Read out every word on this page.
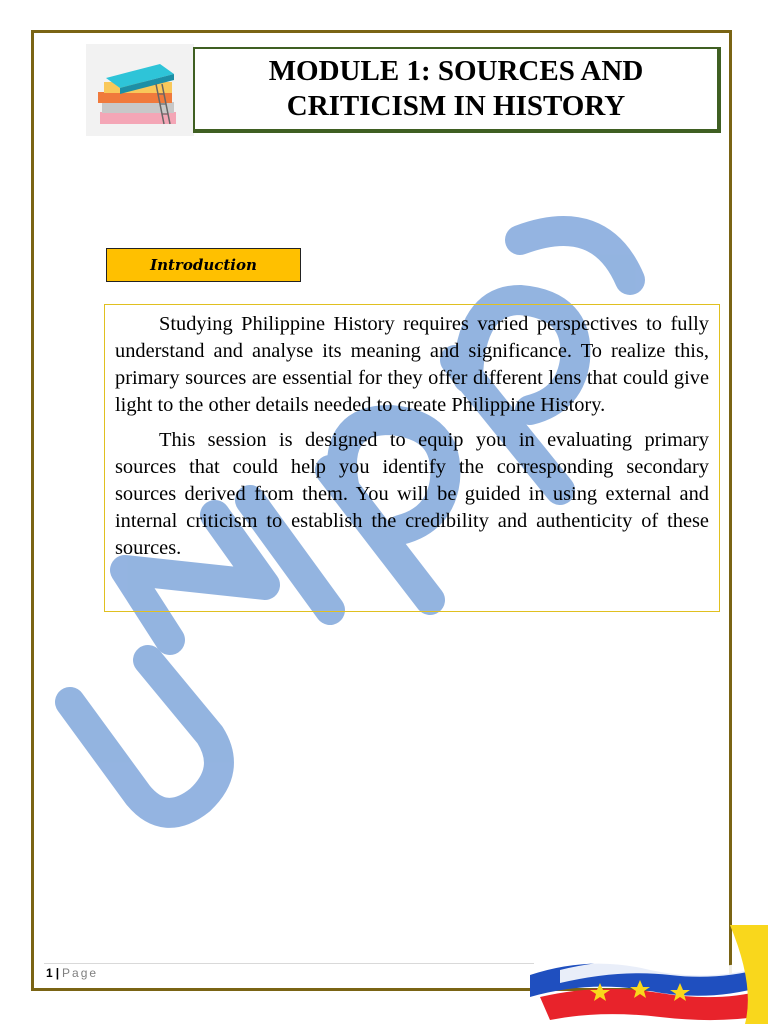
MODULE 1: SOURCES AND
CRITICISM IN HISTORY
Introduction

Studying Philippine History requires varied perspectives to fully understand and analyse its meaning and significance. To realize this, primary sources are essential for they offer different lens that could give light to the other details needed to create Philippine History.

This session is designed to equip you in evaluating primary sources that could help you identify the corresponding secondary sources derived from them. You will be guided in using external and internal criticism to establish the credibility and authenticity of these sources.

1 | Page
